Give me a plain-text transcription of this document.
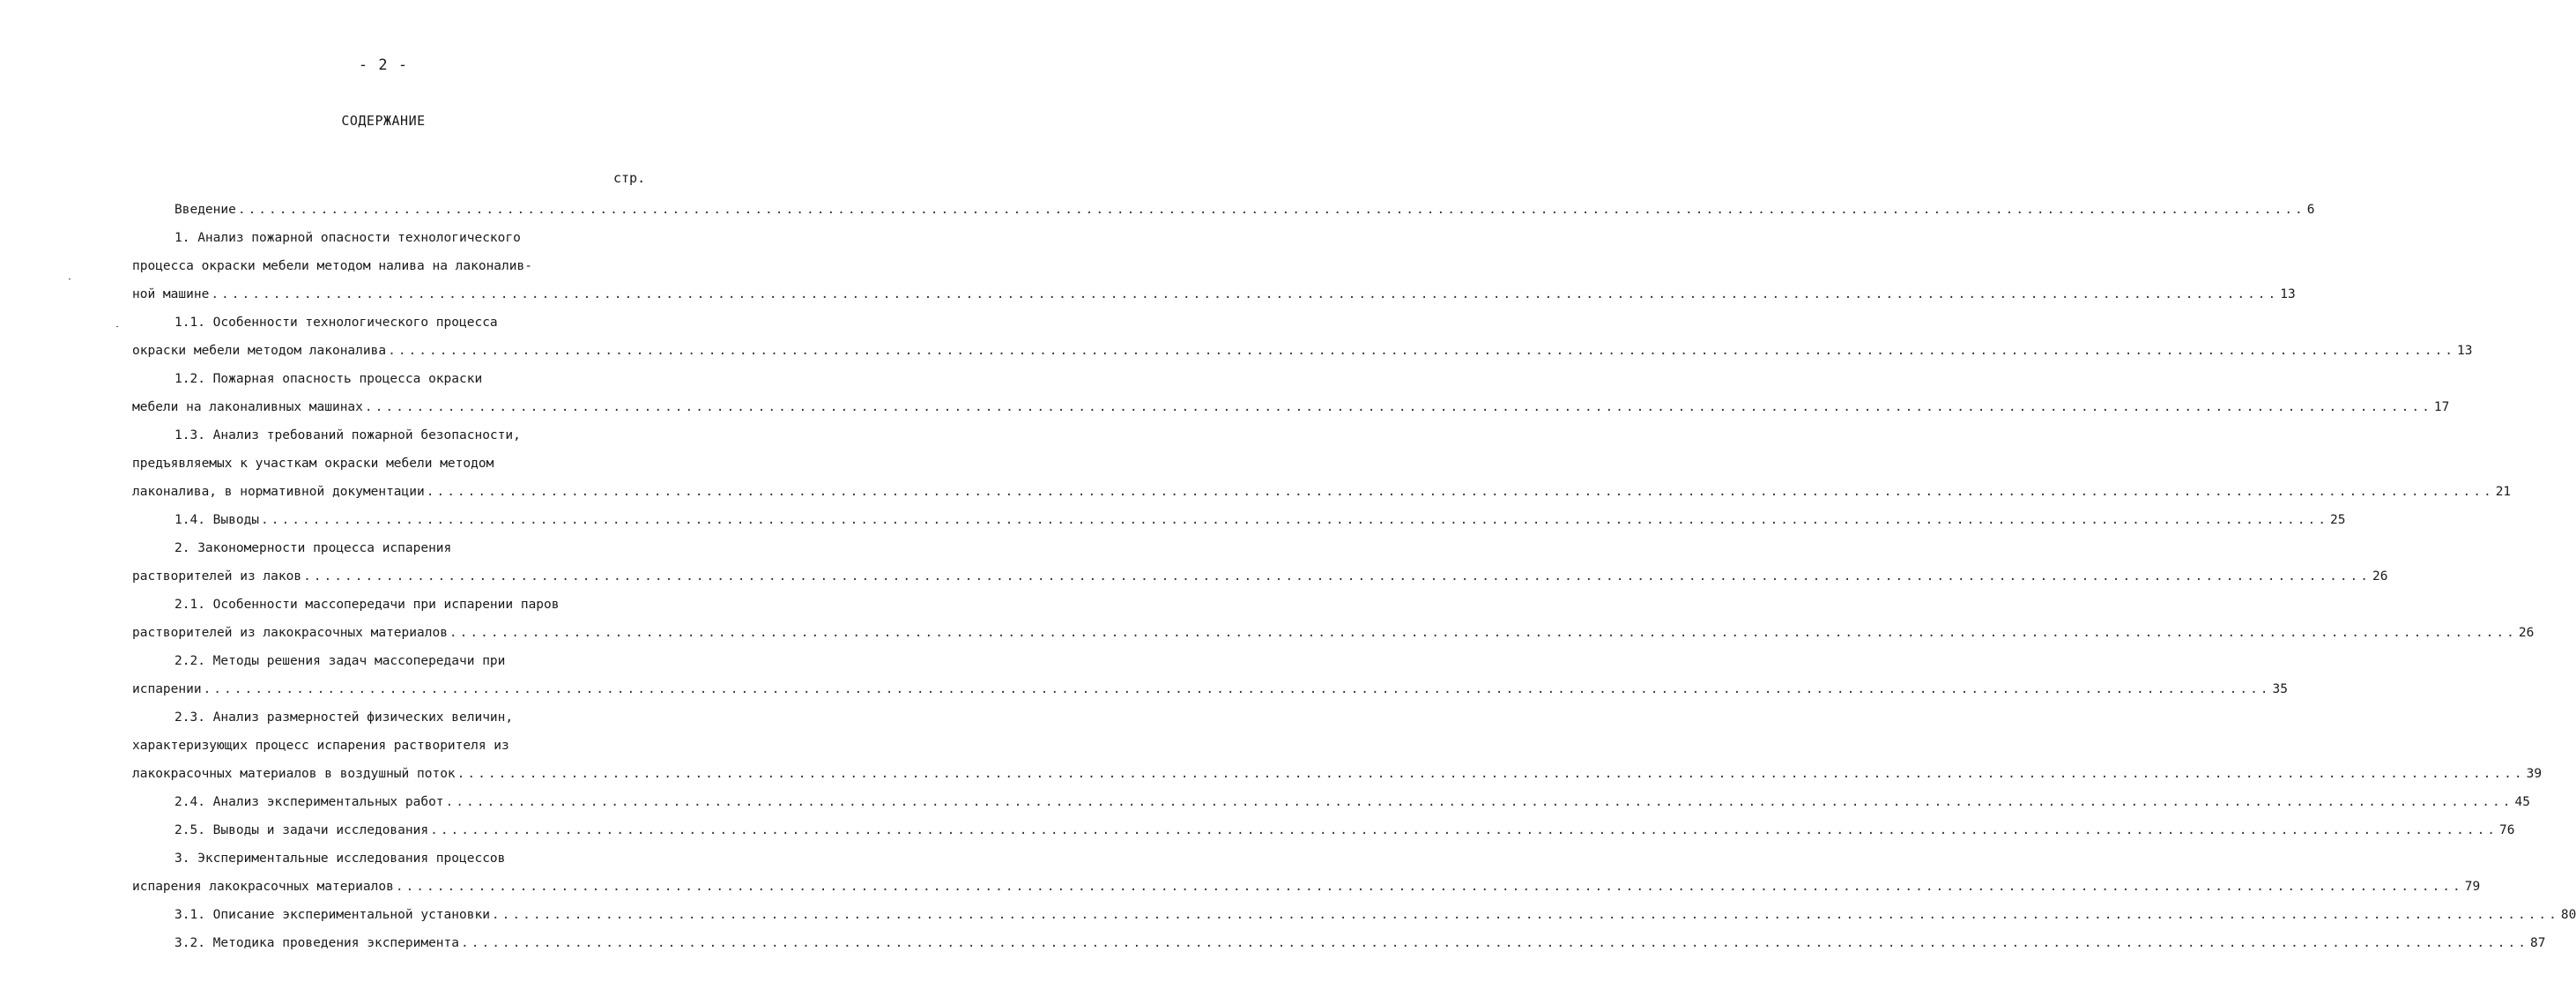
- 2 -
СОДЕРЖАНИЕ
стр.
Введение ........................................................................................................................................................................................................ 6
1. Анализ пожарной опасности технологического
процесса окраски мебели методом налива на лаконалив-
ной машине ........................................................................................................................................................................................................ 13
1.1. Особенности технологического процесса
окраски мебели методом лаконалива ........................................................................................................................................................................................................ 13
1.2. Пожарная опасность процесса окраски
мебели на лаконаливных машинах ........................................................................................................................................................................................................ 17
1.3. Анализ требований пожарной безопасности,
предъявляемых к участкам окраски мебели методом
лаконалива, в нормативной документации ........................................................................................................................................................................................................ 21
1.4. Выводы ........................................................................................................................................................................................................ 25
2. Закономерности процесса испарения
растворителей из лаков ........................................................................................................................................................................................................ 26
2.1. Особенности массопередачи при испарении паров
растворителей из лакокрасочных материалов ........................................................................................................................................................................................................ 26
2.2. Методы решения задач массопередачи при
испарении ........................................................................................................................................................................................................ 35
2.3. Анализ размерностей физических величин,
характеризующих процесс испарения растворителя из
лакокрасочных материалов в воздушный поток ........................................................................................................................................................................................................ 39
2.4. Анализ экспериментальных работ ........................................................................................................................................................................................................ 45
2.5. Выводы и задачи исследования ........................................................................................................................................................................................................ 76
3. Экспериментальные исследования процессов
испарения лакокрасочных материалов ........................................................................................................................................................................................................ 79
3.1. Описание экспериментальной установки ........................................................................................................................................................................................................ 80
3.2. Методика проведения эксперимента ........................................................................................................................................................................................................ 87
